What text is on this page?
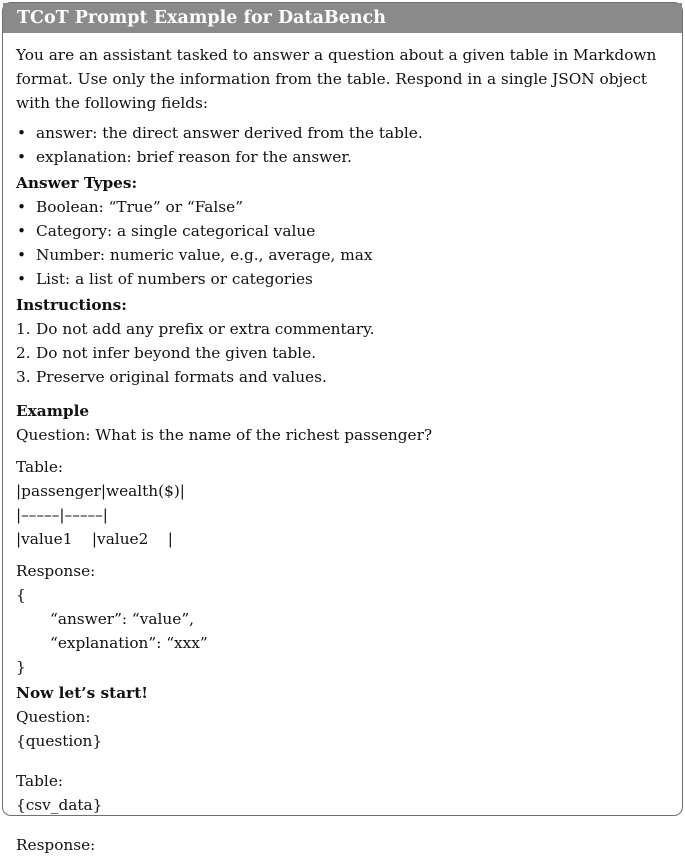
TCoT Prompt Example for DataBench

You are an assistant tasked to answer a question about a given table in Markdown format. Use only the information from the table. Respond in a single JSON object with the following fields:

• answer: the direct answer derived from the table.
• explanation: brief reason for the answer.
Answer Types:
• Boolean: “True” or “False”
• Category: a single categorical value
• Number: numeric value, e.g., average, max
• List: a list of numbers or categories
Instructions:
1. Do not add any prefix or extra commentary.
2. Do not infer beyond the given table.
3. Preserve original formats and values.
Example

Question: What is the name of the richest passenger?

Table:

|passenger|wealth($)|

|–––––|–––––|

|value1    |value2    |

Response:

{

“answer”: “value”,

“explanation”: “xxx”

}

Now let’s start!

Question:

{question}

Table:

{csv_data}

Response:
